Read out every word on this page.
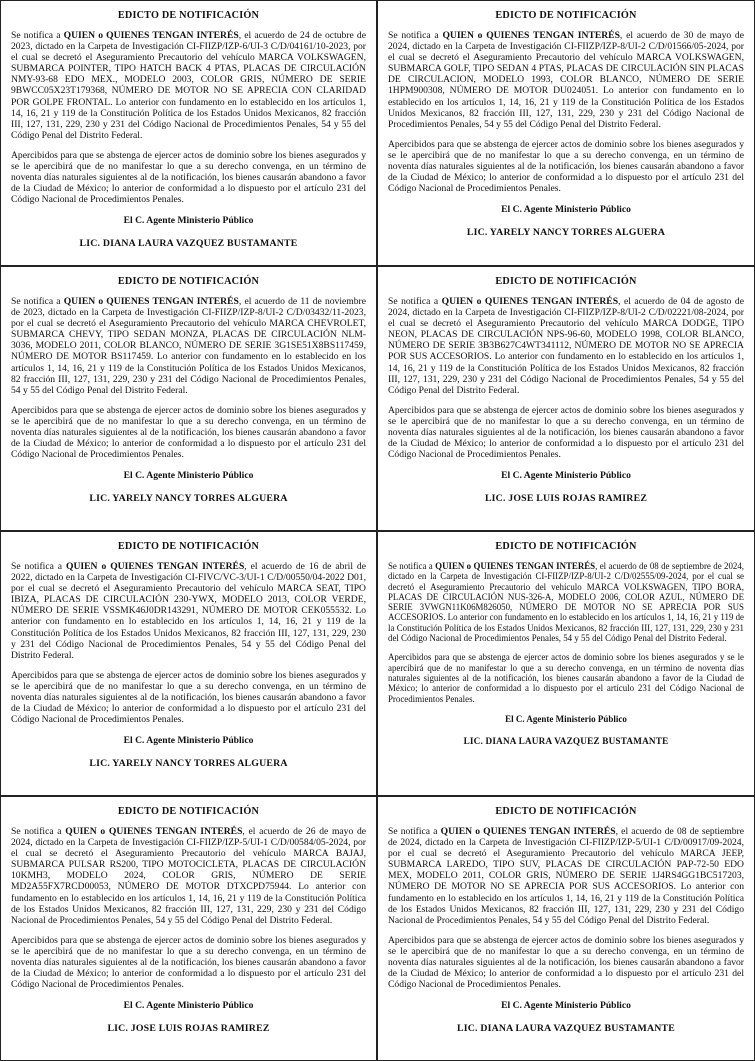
EDICTO DE NOTIFICACIÓN

Se notifica a QUIEN o QUIENES TENGAN INTERÉS, el acuerdo de 24 de octubre de 2023, dictado en la Carpeta de Investigación CI-FIIZP/IZP-6/UI-3 C/D/04161/10-2023, por el cual se decretó el Aseguramiento Precautorio del vehículo MARCA VOLKSWAGEN, SUBMARCA POINTER, TIPO HATCH BACK 4 PTAS, PLACAS DE CIRCULACIÓN NMY-93-68 EDO MEX., MODELO 2003, COLOR GRIS, NÚMERO DE SERIE 9BWCC05X23T179368, NÚMERO DE MOTOR NO SE APRECIA CON CLARIDAD POR GOLPE FRONTAL. Lo anterior con fundamento en lo establecido en los artículos 1, 14, 16, 21 y 119 de la Constitución Política de los Estados Unidos Mexicanos, 82 fracción III, 127, 131, 229, 230 y 231 del Código Nacional de Procedimientos Penales, 54 y 55 del Código Penal del Distrito Federal.

Apercibidos para que se abstenga de ejercer actos de dominio sobre los bienes asegurados y se le apercibirá que de no manifestar lo que a su derecho convenga, en un término de noventa días naturales siguientes al de la notificación, los bienes causarán abandono a favor de la Ciudad de México; lo anterior de conformidad a lo dispuesto por el artículo 231 del Código Nacional de Procedimientos Penales.

El C. Agente Ministerio Público
LIC. DIANA LAURA VAZQUEZ BUSTAMANTE
EDICTO DE NOTIFICACIÓN

Se notifica a QUIEN o QUIENES TENGAN INTERÉS, el acuerdo de 30 de mayo de 2024, dictado en la Carpeta de Investigación CI-FIIZP/IZP-8/UI-2 C/D/01566/05-2024, por el cual se decretó el Aseguramiento Precautorio del vehículo MARCA VOLKSWAGEN, SUBMARCA GOLF, TIPO SEDAN 4 PTAS, PLACAS DE CIRCULACIÓN SIN PLACAS DE CIRCULACION, MODELO 1993, COLOR BLANCO, NÚMERO DE SERIE 1HPM900308, NÚMERO DE MOTOR DU024051. Lo anterior con fundamento en lo establecido en los artículos 1, 14, 16, 21 y 119 de la Constitución Política de los Estados Unidos Mexicanos, 82 fracción III, 127, 131, 229, 230 y 231 del Código Nacional de Procedimientos Penales, 54 y 55 del Código Penal del Distrito Federal.

Apercibidos para que se abstenga de ejercer actos de dominio sobre los bienes asegurados y se le apercibirá que de no manifestar lo que a su derecho convenga, en un término de noventa días naturales siguientes al de la notificación, los bienes causarán abandono a favor de la Ciudad de México; lo anterior de conformidad a lo dispuesto por el artículo 231 del Código Nacional de Procedimientos Penales.

El C. Agente Ministerio Público
LIC. YARELY NANCY TORRES ALGUERA
EDICTO DE NOTIFICACIÓN

Se notifica a QUIEN o QUIENES TENGAN INTERÉS, el acuerdo de 11 de noviembre de 2023, dictado en la Carpeta de Investigación CI-FIIZP/IZP-8/UI-2 C/D/03432/11-2023, por el cual se decretó el Aseguramiento Precautorio del vehículo MARCA CHEVROLET, SUBMARCA CHEVY, TIPO SEDAN MONZA, PLACAS DE CIRCULACIÓN NLM-3036, MODELO 2011, COLOR BLANCO, NÚMERO DE SERIE 3G1SE51X8BS117459, NÚMERO DE MOTOR BS117459. Lo anterior con fundamento en lo establecido en los artículos 1, 14, 16, 21 y 119 de la Constitución Política de los Estados Unidos Mexicanos, 82 fracción III, 127, 131, 229, 230 y 231 del Código Nacional de Procedimientos Penales, 54 y 55 del Código Penal del Distrito Federal.

Apercibidos para que se abstenga de ejercer actos de dominio sobre los bienes asegurados y se le apercibirá que de no manifestar lo que a su derecho convenga, en un término de noventa días naturales siguientes al de la notificación, los bienes causarán abandono a favor de la Ciudad de México; lo anterior de conformidad a lo dispuesto por el artículo 231 del Código Nacional de Procedimientos Penales.

El C. Agente Ministerio Público
LIC. YARELY NANCY TORRES ALGUERA
EDICTO DE NOTIFICACIÓN

Se notifica a QUIEN o QUIENES TENGAN INTERÉS, el acuerdo de 04 de agosto de 2024, dictado en la Carpeta de Investigación CI-FIIZP/IZP-8/UI-2 C/D/02221/08-2024, por el cual se decretó el Aseguramiento Precautorio del vehículo MARCA DODGE, TIPO NEON, PLACAS DE CIRCULACIÓN NPS-96-60, MODELO 1998, COLOR BLANCO, NÚMERO DE SERIE 3B3B627C4WT341112, NÚMERO DE MOTOR NO SE APRECIA POR SUS ACCESORIOS. Lo anterior con fundamento en lo establecido en los artículos 1, 14, 16, 21 y 119 de la Constitución Política de los Estados Unidos Mexicanos, 82 fracción III, 127, 131, 229, 230 y 231 del Código Nacional de Procedimientos Penales, 54 y 55 del Código Penal del Distrito Federal.

Apercibidos para que se abstenga de ejercer actos de dominio sobre los bienes asegurados y se le apercibirá que de no manifestar lo que a su derecho convenga, en un término de noventa días naturales siguientes al de la notificación, los bienes causarán abandono a favor de la Ciudad de México; lo anterior de conformidad a lo dispuesto por el artículo 231 del Código Nacional de Procedimientos Penales.

El C. Agente Ministerio Público
LIC. JOSE LUIS ROJAS RAMIREZ
EDICTO DE NOTIFICACIÓN

Se notifica a QUIEN o QUIENES TENGAN INTERÉS, el acuerdo de 16 de abril de 2022, dictado en la Carpeta de Investigación CI-FIVC/VC-3/UI-1 C/D/00550/04-2022 D01, por el cual se decretó el Aseguramiento Precautorio del vehículo MARCA SEAT, TIPO IBIZA, PLACAS DE CIRCULACIÓN 230-YWX, MODELO 2013, COLOR VERDE, NÚMERO DE SERIE VSSMK46J0DR143291, NÚMERO DE MOTOR CEK055532. Lo anterior con fundamento en lo establecido en los artículos 1, 14, 16, 21 y 119 de la Constitución Política de los Estados Unidos Mexicanos, 82 fracción III, 127, 131, 229, 230 y 231 del Código Nacional de Procedimientos Penales, 54 y 55 del Código Penal del Distrito Federal.

Apercibidos para que se abstenga de ejercer actos de dominio sobre los bienes asegurados y se le apercibirá que de no manifestar lo que a su derecho convenga, en un término de noventa días naturales siguientes al de la notificación, los bienes causarán abandono a favor de la Ciudad de México; lo anterior de conformidad a lo dispuesto por el artículo 231 del Código Nacional de Procedimientos Penales.

El C. Agente Ministerio Público
LIC. YARELY NANCY TORRES ALGUERA
EDICTO DE NOTIFICACIÓN

Se notifica a QUIEN o QUIENES TENGAN INTERÉS, el acuerdo de 08 de septiembre de 2024, dictado en la Carpeta de Investigación CI-FIIZP/IZP-8/UI-2 C/D/02555/09-2024, por el cual se decretó el Aseguramiento Precautorio del vehículo MARCA VOLKSWAGEN, TIPO BORA, PLACAS DE CIRCULACIÓN NUS-326-A, MODELO 2006, COLOR AZUL, NÚMERO DE SERIE 3VWGN11K06M826050, NÚMERO DE MOTOR NO SE APRECIA POR SUS ACCESORIOS. Lo anterior con fundamento en lo establecido en los artículos 1, 14, 16, 21 y 119 de la Constitución Política de los Estados Unidos Mexicanos, 82 fracción III, 127, 131, 229, 230 y 231 del Código Nacional de Procedimientos Penales, 54 y 55 del Código Penal del Distrito Federal.

Apercibidos para que se abstenga de ejercer actos de dominio sobre los bienes asegurados y se le apercibirá que de no manifestar lo que a su derecho convenga, en un término de noventa días naturales siguientes al de la notificación, los bienes causarán abandono a favor de la Ciudad de México; lo anterior de conformidad a lo dispuesto por el artículo 231 del Código Nacional de Procedimientos Penales.

El C. Agente Ministerio Público
LIC. DIANA LAURA VAZQUEZ BUSTAMANTE
EDICTO DE NOTIFICACIÓN

Se notifica a QUIEN o QUIENES TENGAN INTERÉS, el acuerdo de 26 de mayo de 2024, dictado en la Carpeta de Investigación CI-FIIZP/IZP-5/UI-1 C/D/00584/05-2024, por el cual se decretó el Aseguramiento Precautorio del vehículo MARCA BAJAJ, SUBMARCA PULSAR RS200, TIPO MOTOCICLETA, PLACAS DE CIRCULACIÓN 10KMH3, MODELO 2024, COLOR GRIS, NÚMERO DE SERIE MD2A55FX7RCD00053, NÚMERO DE MOTOR DTXCPD75944. Lo anterior con fundamento en lo establecido en los artículos 1, 14, 16, 21 y 119 de la Constitución Política de los Estados Unidos Mexicanos, 82 fracción III, 127, 131, 229, 230 y 231 del Código Nacional de Procedimientos Penales, 54 y 55 del Código Penal del Distrito Federal.

Apercibidos para que se abstenga de ejercer actos de dominio sobre los bienes asegurados y se le apercibirá que de no manifestar lo que a su derecho convenga, en un término de noventa días naturales siguientes al de la notificación, los bienes causarán abandono a favor de la Ciudad de México; lo anterior de conformidad a lo dispuesto por el artículo 231 del Código Nacional de Procedimientos Penales.

El C. Agente Ministerio Público
LIC. JOSE LUIS ROJAS RAMIREZ
EDICTO DE NOTIFICACIÓN

Se notifica a QUIEN o QUIENES TENGAN INTERÉS, el acuerdo de 08 de septiembre de 2024, dictado en la Carpeta de Investigación CI-FIIZP/IZP-5/UI-1 C/D/00917/09-2024, por el cual se decretó el Aseguramiento Precautorio del vehículo MARCA JEEP, SUBMARCA LAREDO, TIPO SUV, PLACAS DE CIRCULACIÓN PAP-72-50 EDO MEX, MODELO 2011, COLOR GRIS, NÚMERO DE SERIE 1J4RS4GG1BC517203, NÚMERO DE MOTOR NO SE APRECIA POR SUS ACCESORIOS. Lo anterior con fundamento en lo establecido en los artículos 1, 14, 16, 21 y 119 de la Constitución Política de los Estados Unidos Mexicanos, 82 fracción III, 127, 131, 229, 230 y 231 del Código Nacional de Procedimientos Penales, 54 y 55 del Código Penal del Distrito Federal.

Apercibidos para que se abstenga de ejercer actos de dominio sobre los bienes asegurados y se le apercibirá que de no manifestar lo que a su derecho convenga, en un término de noventa días naturales siguientes al de la notificación, los bienes causarán abandono a favor de la Ciudad de México; lo anterior de conformidad a lo dispuesto por el artículo 231 del Código Nacional de Procedimientos Penales.

El C. Agente Ministerio Público
LIC. DIANA LAURA VAZQUEZ BUSTAMANTE
